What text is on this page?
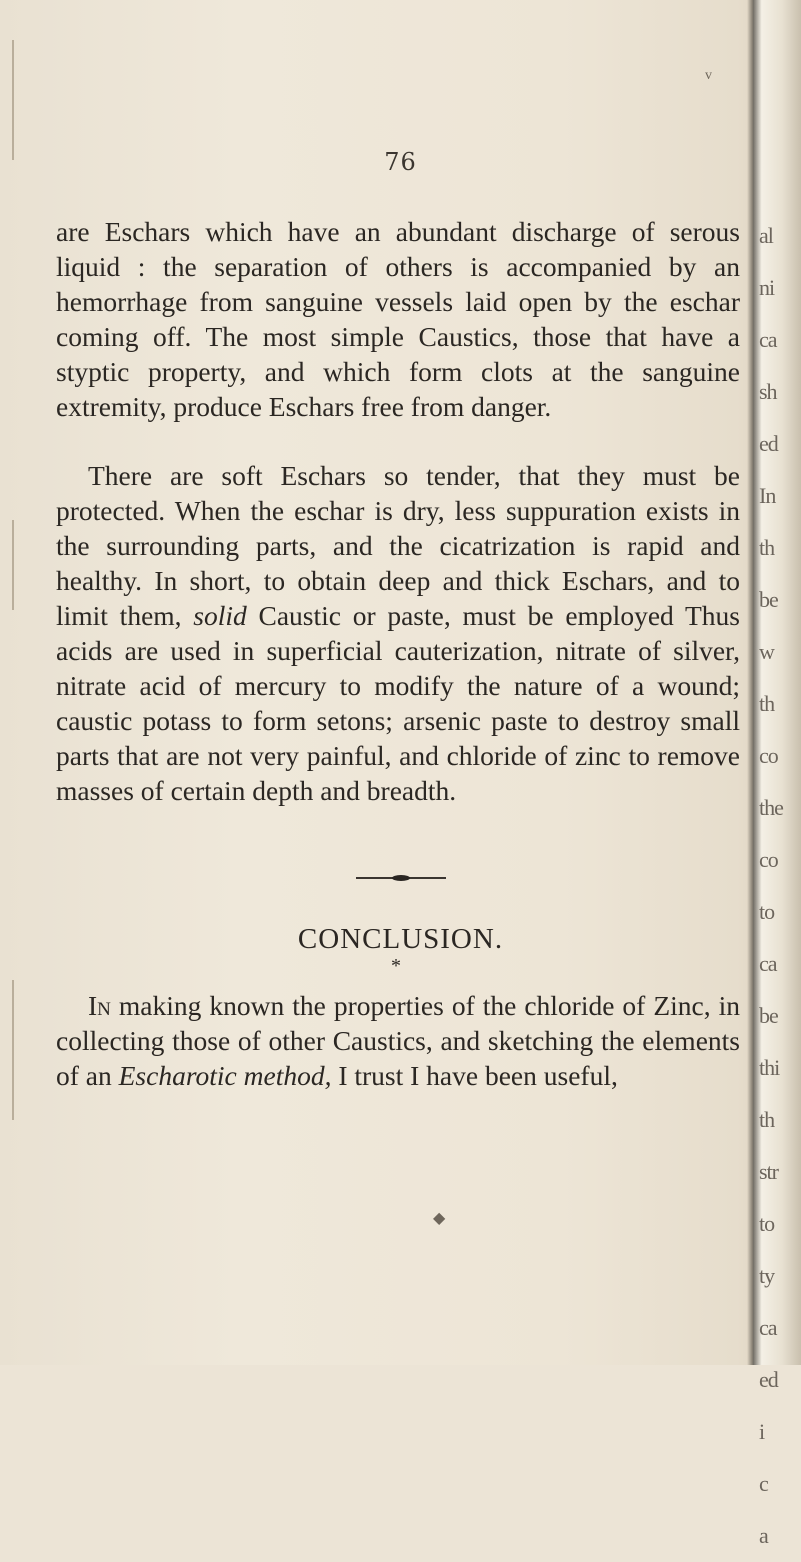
al
ni
ca
sh
ed
In
th
be
w
th
co
the
co
to
ca
be
thi
th
str
to
ty
ca
ed
i
c
a
v
76
are Eschars which have an abundant discharge of serous liquid : the separation of others is accompanied by an hemorrhage from sanguine vessels laid open by the eschar coming off. The most simple Caustics, those that have a styptic property, and which form clots at the sanguine extremity, produce Eschars free from danger.
There are soft Eschars so tender, that they must be protected. When the eschar is dry, less suppuration exists in the surrounding parts, and the cicatrization is rapid and healthy. In short, to obtain deep and thick Eschars, and to limit them, solid Caustic or paste, must be employed Thus acids are used in superficial cauterization, nitrate of silver, nitrate acid of mercury to modify the nature of a wound; caustic potass to form setons; arsenic paste to destroy small parts that are not very painful, and chloride of zinc to remove masses of certain depth and breadth.
CONCLUSION.
*
In making known the properties of the chloride of Zinc, in collecting those of other Caustics, and sketching the elements of an Escharotic method, I trust I have been useful,
◆
